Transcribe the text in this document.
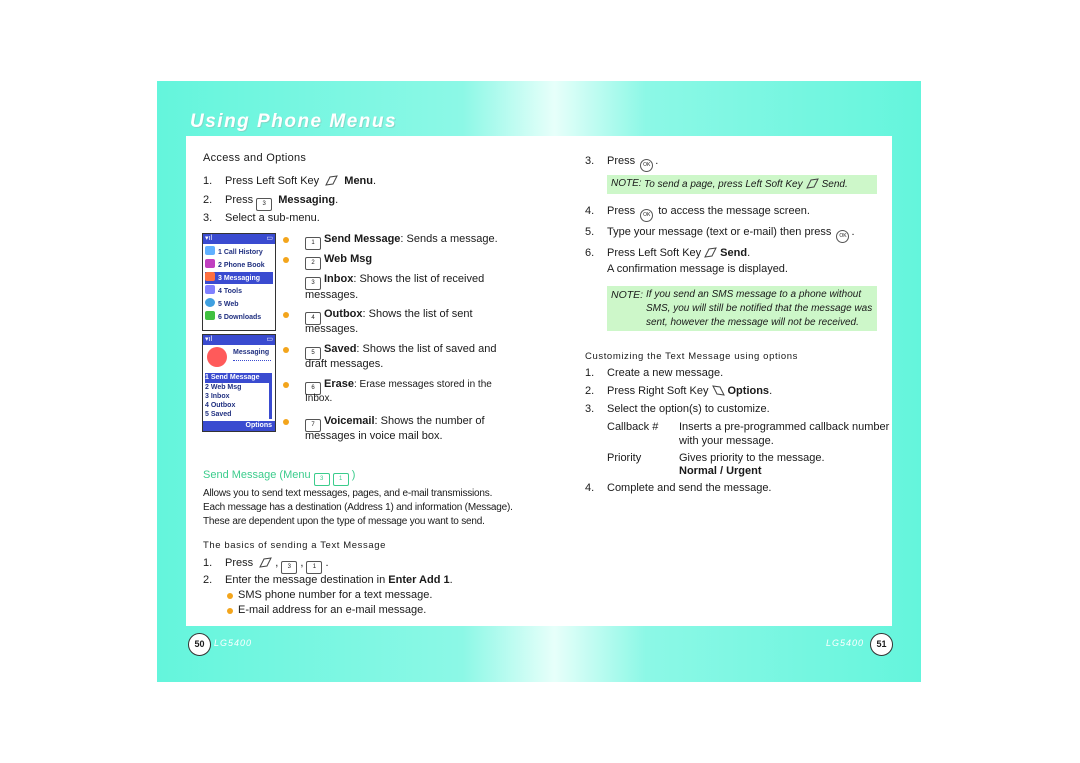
Using Phone Menus
Access and Options
1. Press Left Soft Key Menu.
2. Press 3 Messaging.
3. Select a sub-menu.
▾ıl	▭
1 Call History
2 Phone Book
3 Messaging
4 Tools
5 Web
6 Downloads
▾ıl	▭
Messaging
1 Send Message
2 Web Msg
3 Inbox
4 Outbox
5 Saved
Options
1 Send Message: Sends a message.
2 Web Msg
3 Inbox: Shows the list of received
messages.
4 Outbox: Shows the list of sent
messages.
5 Saved: Shows the list of saved and
draft messages.
6 Erase: Erase messages stored in the
Inbox.
7 Voicemail: Shows the number of
messages in voice mail box.
Send Message (Menu 3	1 )
Allows you to send text messages, pages, and e-mail transmissions.
Each message has a destination (Address 1) and information (Message).
These are dependent upon the type of message you want to send.
The basics of sending a Text Message
1. Press , 3 , 1 .
2. Enter the message destination in Enter Add 1.
SMS phone number for a text message.
E-mail address for an e-mail message.
3. Press OK .
NOTE: To send a page, press Left Soft Key Send.
4. Press OK to access the message screen.
5. Type your message (text or e-mail) then press OK .
6. Press Left Soft Key Send.
A confirmation message is displayed.
NOTE: If you send an SMS message to a phone without
SMS, you will still be notified that the message was
sent, however the message will not be received.
Customizing the Text Message using options
1. Create a new message.
2. Press Right Soft Key Options.
3. Select the option(s) to customize.
Callback # Inserts a pre-programmed callback number
with your message.
Priority	Gives priority to the message.
Normal / Urgent
4. Complete and send the message.
50	LG5400	LG5400	51
